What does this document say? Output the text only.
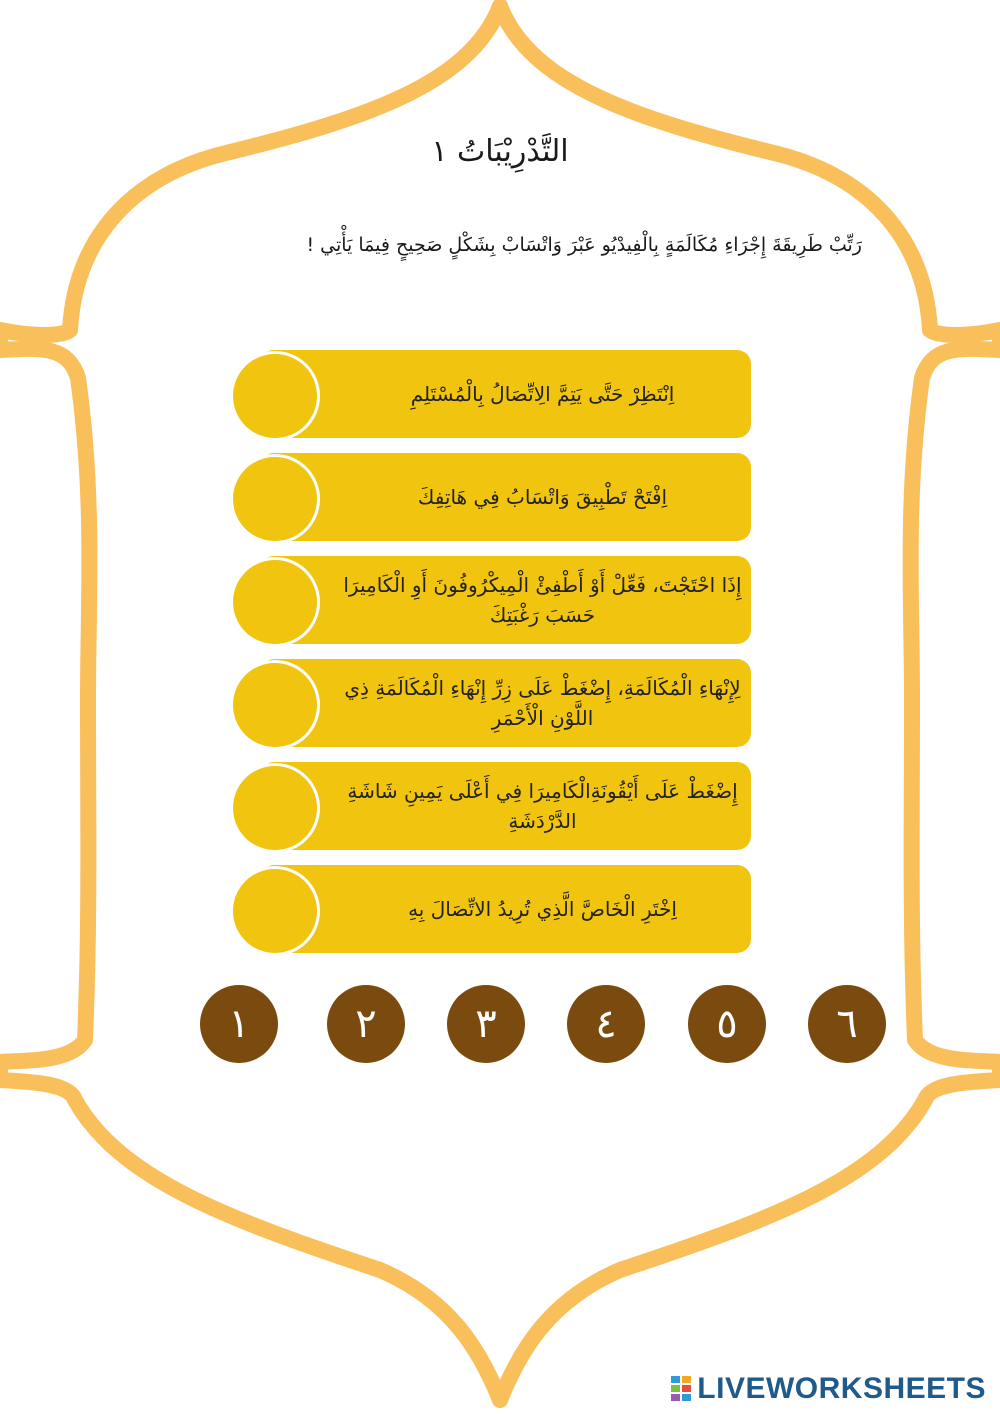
التَّدْرِيْبَاتُ ١
رَتِّبْ طَرِيقَةَ إِجْرَاءِ مُكَالَمَةٍ بِالْفِيدْيُو عَبْرَ وَاتْسَابْ بِشَكْلٍ صَحِيحٍ فِيمَا يَأْتِي !
اِنْتَظِرْ حَتَّى يَتِمَّ الِاتِّصَالُ بِالْمُسْتَلِمِ
اِفْتَحْ تَطْبِيقَ وَاتْسَابُ فِي هَاتِفِكَ
إِذَا احْتَجْتَ، فَعِّلْ أَوْ أَطْفِئْ الْمِيكْرُوفُونَ أَوِ الْكَامِيرَا حَسَبَ رَغْبَتِكَ
لِإِنْهَاءِ الْمُكَالَمَةِ، إِضْغَطْ عَلَى زِرِّ إِنْهَاءِ الْمُكَالَمَةِ ذِي اللَّوْنِ الْأَحْمَرِ
إِضْغَطْ عَلَى أَيْقُونَةِالْكَامِيرَا فِي أَعْلَى يَمِينِ شَاشَةِ الدَّرْدَشَةِ
اِخْتَرِ الْخَاصَّ الَّذِي تُرِيدُ الاتِّصَالَ بِهِ
١	٢	٣	٤	٥	٦
LIVEWORKSHEETS
